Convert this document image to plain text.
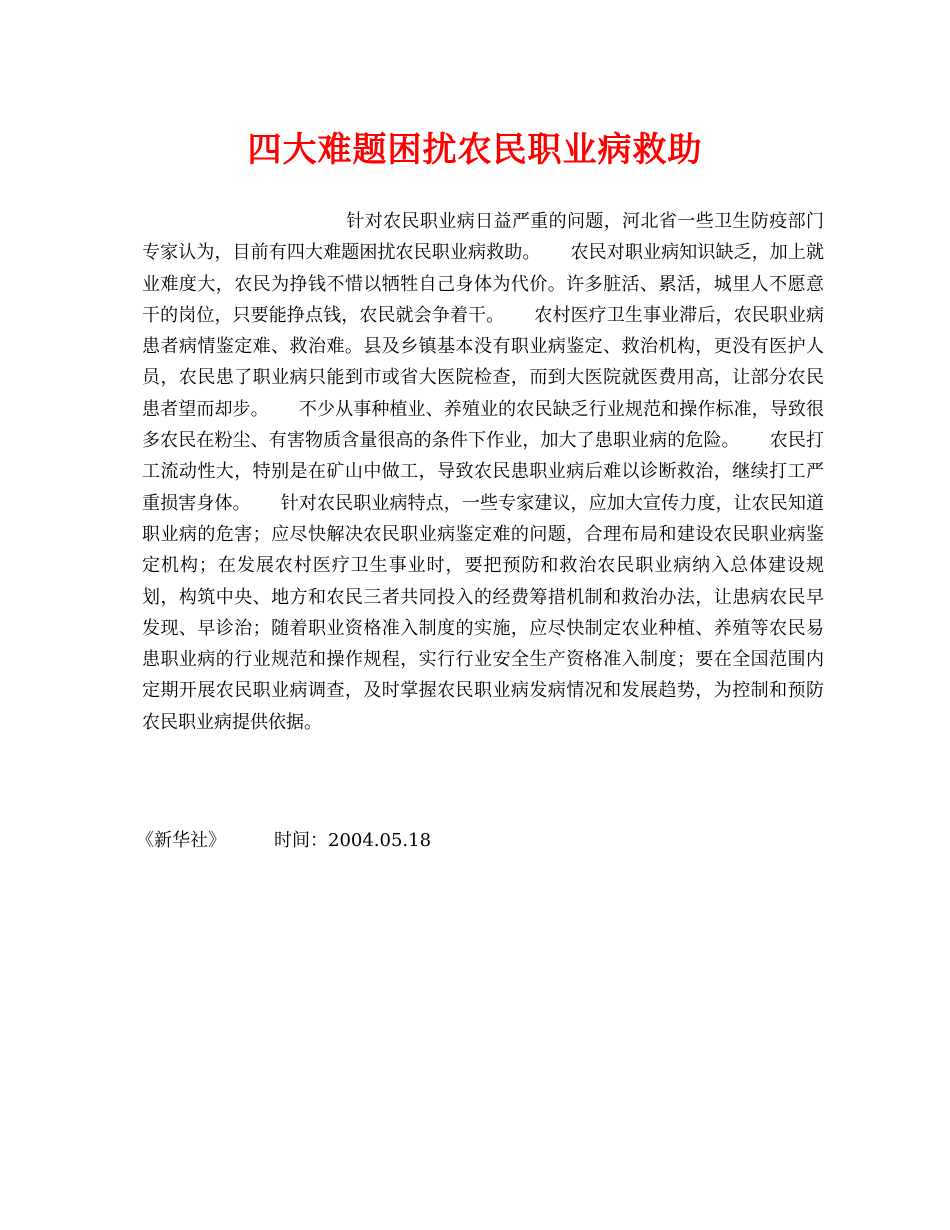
四大难题困扰农民职业病救助

针对农民职业病日益严重的问题，河北省一些卫生防疫部门专家认为，目前有四大难题困扰农民职业病救助。 农民对职业病知识缺乏，加上就业难度大，农民为挣钱不惜以牺牲自己身体为代价。许多脏活、累活，城里人不愿意干的岗位，只要能挣点钱，农民就会争着干。 农村医疗卫生事业滞后，农民职业病患者病情鉴定难、救治难。县及乡镇基本没有职业病鉴定、救治机构，更没有医护人员，农民患了职业病只能到市或省大医院检查，而到大医院就医费用高，让部分农民患者望而却步。 不少从事种植业、养殖业的农民缺乏行业规范和操作标准，导致很多农民在粉尘、有害物质含量很高的条件下作业，加大了患职业病的危险。 农民打工流动性大，特别是在矿山中做工，导致农民患职业病后难以诊断救治，继续打工严重损害身体。 针对农民职业病特点，一些专家建议，应加大宣传力度，让农民知道职业病的危害；应尽快解决农民职业病鉴定难的问题，合理布局和建设农民职业病鉴定机构；在发展农村医疗卫生事业时，要把预防和救治农民职业病纳入总体建设规划，构筑中央、地方和农民三者共同投入的经费筹措机制和救治办法，让患病农民早发现、早诊治；随着职业资格准入制度的实施，应尽快制定农业种植、养殖等农民易患职业病的行业规范和操作规程，实行行业安全生产资格准入制度；要在全国范围内定期开展农民职业病调查，及时掌握农民职业病发病情况和发展趋势，为控制和预防农民职业病提供依据。

《新华社》	时间：2004.05.18
